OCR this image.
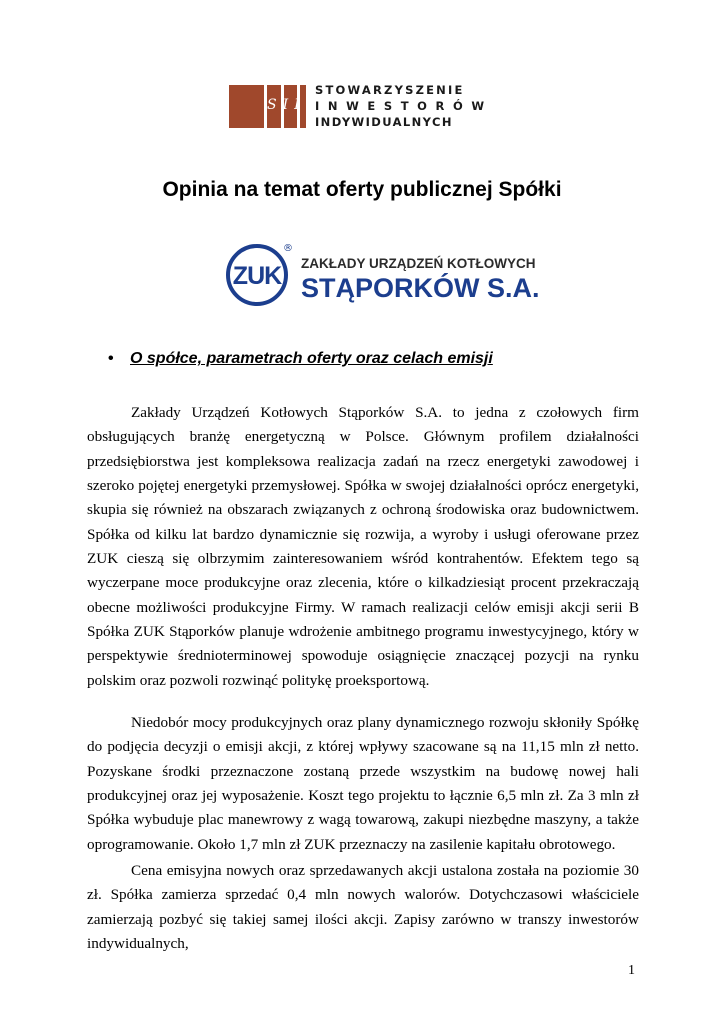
SII
STOWARZYSZENIE
INWESTORÓW
INDYWIDUALNYCH
Opinia na temat oferty publicznej Spółki
ZUK
®
ZAKŁADY URZĄDZEŃ KOTŁOWYCH
STĄPORKÓW S.A.
• O spółce, parametrach oferty oraz celach emisji

Zakłady Urządzeń Kotłowych Stąporków S.A. to jedna z czołowych firm obsługujących branżę energetyczną w Polsce. Głównym profilem działalności przedsiębiorstwa jest kompleksowa realizacja zadań na rzecz energetyki zawodowej i szeroko pojętej energetyki przemysłowej. Spółka w swojej działalności oprócz energetyki, skupia się również na obszarach związanych z ochroną środowiska oraz budownictwem. Spółka od kilku lat bardzo dynamicznie się rozwija, a wyroby i usługi oferowane przez ZUK cieszą się olbrzymim zainteresowaniem wśród kontrahentów. Efektem tego są wyczerpane moce produkcyjne oraz zlecenia, które o kilkadziesiąt procent przekraczają obecne możliwości produkcyjne Firmy. W ramach realizacji celów emisji akcji serii B Spółka ZUK Stąporków planuje wdrożenie ambitnego programu inwestycyjnego, który w perspektywie średnioterminowej spowoduje osiągnięcie znaczącej pozycji na rynku polskim oraz pozwoli rozwinąć politykę proeksportową.

Niedobór mocy produkcyjnych oraz plany dynamicznego rozwoju skłoniły Spółkę do podjęcia decyzji o emisji akcji, z której wpływy szacowane są na 11,15 mln zł netto. Pozyskane środki przeznaczone zostaną przede wszystkim na budowę nowej hali produkcyjnej oraz jej wyposażenie. Koszt tego projektu to łącznie 6,5 mln zł. Za 3 mln zł Spółka wybuduje plac manewrowy z wagą towarową, zakupi niezbędne maszyny, a także oprogramowanie. Około 1,7 mln zł ZUK przeznaczy na zasilenie kapitału obrotowego.

Cena emisyjna nowych oraz sprzedawanych akcji ustalona została na poziomie 30 zł. Spółka zamierza sprzedać 0,4 mln nowych walorów. Dotychczasowi właściciele zamierzają pozbyć się takiej samej ilości akcji. Zapisy zarówno w transzy inwestorów indywidualnych,

1
